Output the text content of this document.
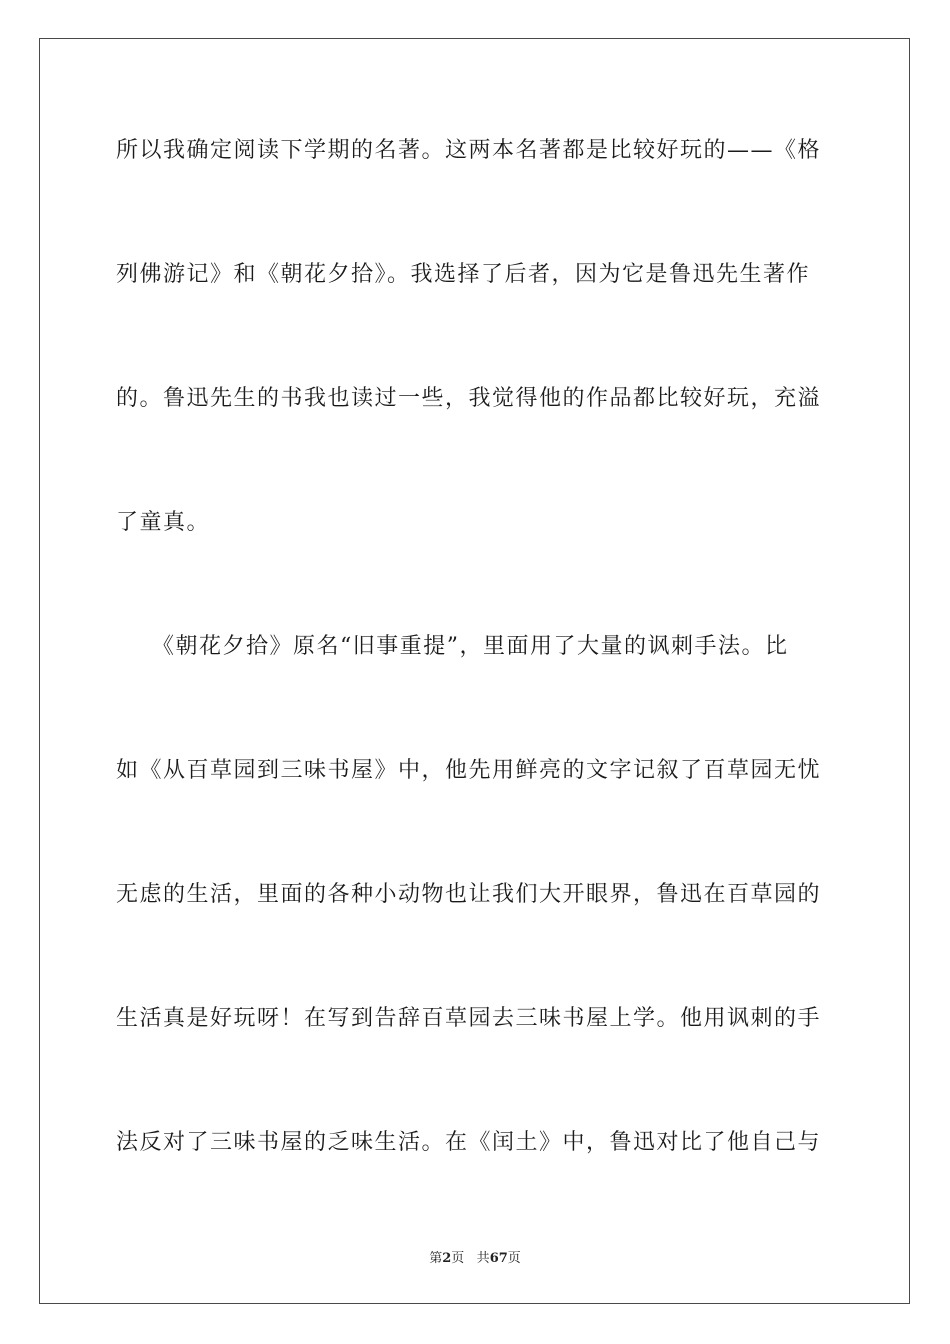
所以我确定阅读下学期的名著。这两本名著都是比较好玩的——《格
列佛游记》和《朝花夕拾》。我选择了后者，因为它是鲁迅先生著作
的。鲁迅先生的书我也读过一些，我觉得他的作品都比较好玩，充溢
了童真。
　　《朝花夕拾》原名“旧事重提”，里面用了大量的讽刺手法。比
如《从百草园到三味书屋》中，他先用鲜亮的文字记叙了百草园无忧
无虑的生活，里面的各种小动物也让我们大开眼界，鲁迅在百草园的
生活真是好玩呀！在写到告辞百草园去三味书屋上学。他用讽刺的手
法反对了三味书屋的乏味生活。在《闰土》中，鲁迅对比了他自己与
第2页 共67页
